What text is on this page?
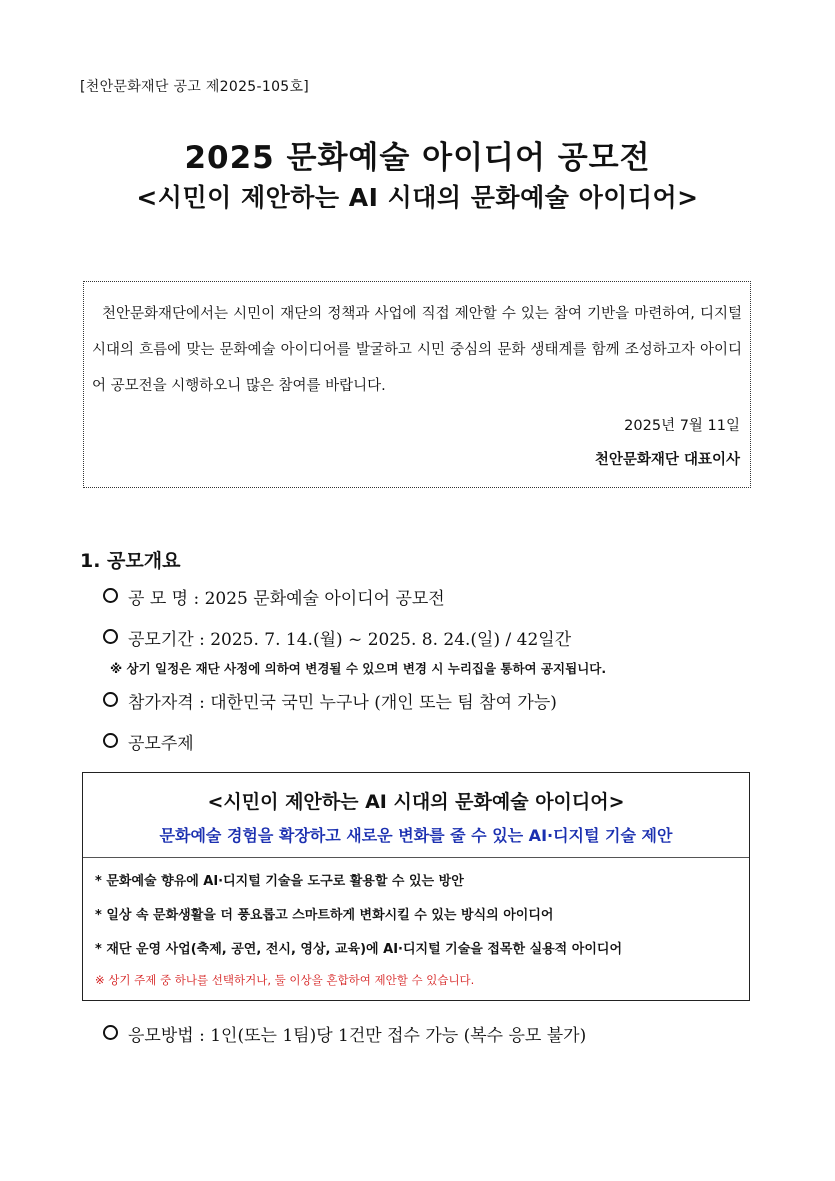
[천안문화재단 공고 제2025-105호]
2025 문화예술 아이디어 공모전
<시민이 제안하는 AI 시대의 문화예술 아이디어>

천안문화재단에서는 시민이 재단의 정책과 사업에 직접 제안할 수 있는 참여 기반을 마련하여, 디지털 시대의 흐름에 맞는 문화예술 아이디어를 발굴하고 시민 중심의 문화 생태계를 함께 조성하고자 아이디어 공모전을 시행하오니 많은 참여를 바랍니다.

2025년 7월 11일
천안문화재단 대표이사
1. 공모개요
공 모 명 : 2025 문화예술 아이디어 공모전
공모기간 : 2025. 7. 14.(월) ~ 2025. 8. 24.(일) / 42일간
※ 상기 일정은 재단 사정에 의하여 변경될 수 있으며 변경 시 누리집을 통하여 공지됩니다.
참가자격 : 대한민국 국민 누구나 (개인 또는 팀 참여 가능)
공모주제
<시민이 제안하는 AI 시대의 문화예술 아이디어>
문화예술 경험을 확장하고 새로운 변화를 줄 수 있는 AI·디지털 기술 제안
* 문화예술 향유에 AI·디지털 기술을 도구로 활용할 수 있는 방안
* 일상 속 문화생활을 더 풍요롭고 스마트하게 변화시킬 수 있는 방식의 아이디어
* 재단 운영 사업(축제, 공연, 전시, 영상, 교육)에 AI·디지털 기술을 접목한 실용적 아이디어
※ 상기 주제 중 하나를 선택하거나, 둘 이상을 혼합하여 제안할 수 있습니다.
응모방법 : 1인(또는 1팀)당 1건만 접수 가능 (복수 응모 불가)
